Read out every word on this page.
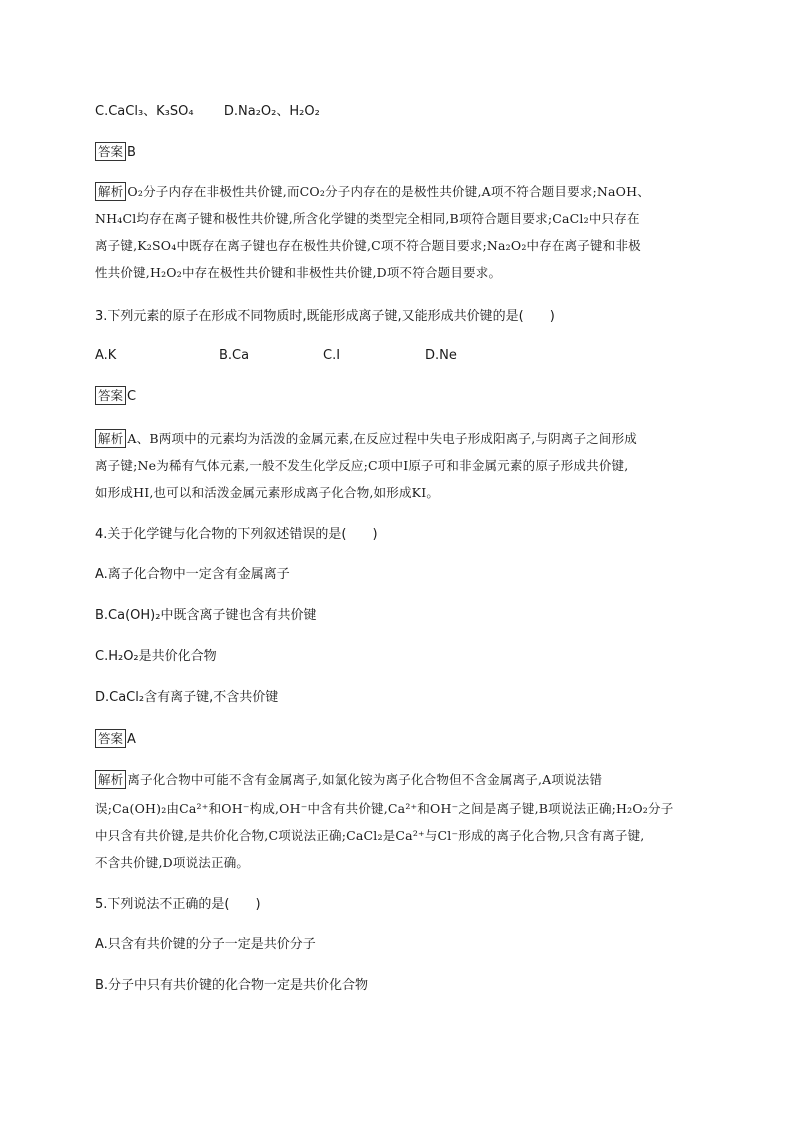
C.CaCl₃、K₃SO₄ D.Na₂O₂、H₂O₂
答案 B
解析 O₂分子内存在非极性共价键,而CO₂分子内存在的是极性共价键,A项不符合题目要求;NaOH、
NH₄Cl均存在离子键和极性共价键,所含化学键的类型完全相同,B项符合题目要求;CaCl₂中只存在
离子键,K₂SO₄中既存在离子键也存在极性共价键,C项不符合题目要求;Na₂O₂中存在离子键和非极
性共价键,H₂O₂中存在极性共价键和非极性共价键,D项不符合题目要求。
3.下列元素的原子在形成不同物质时,既能形成离子键,又能形成共价键的是( )
A.K	B.Ca	C.I	D.Ne
答案 C
解析 A、B两项中的元素均为活泼的金属元素,在反应过程中失电子形成阳离子,与阴离子之间形成
离子键;Ne为稀有气体元素,一般不发生化学反应;C项中I原子可和非金属元素的原子形成共价键,
如形成HI,也可以和活泼金属元素形成离子化合物,如形成KI。
4.关于化学键与化合物的下列叙述错误的是( )
A.离子化合物中一定含有金属离子
B.Ca(OH)₂中既含离子键也含有共价键
C.H₂O₂是共价化合物
D.CaCl₂含有离子键,不含共价键
答案 A
解析 离子化合物中可能不含有金属离子,如氯化铵为离子化合物但不含金属离子,A项说法错
误;Ca(OH)₂由Ca²⁺和OH⁻构成,OH⁻中含有共价键,Ca²⁺和OH⁻之间是离子键,B项说法正确;H₂O₂分子
中只含有共价键,是共价化合物,C项说法正确;CaCl₂是Ca²⁺与Cl⁻形成的离子化合物,只含有离子键,
不含共价键,D项说法正确。
5.下列说法不正确的是( )
A.只含有共价键的分子一定是共价分子
B.分子中只有共价键的化合物一定是共价化合物
